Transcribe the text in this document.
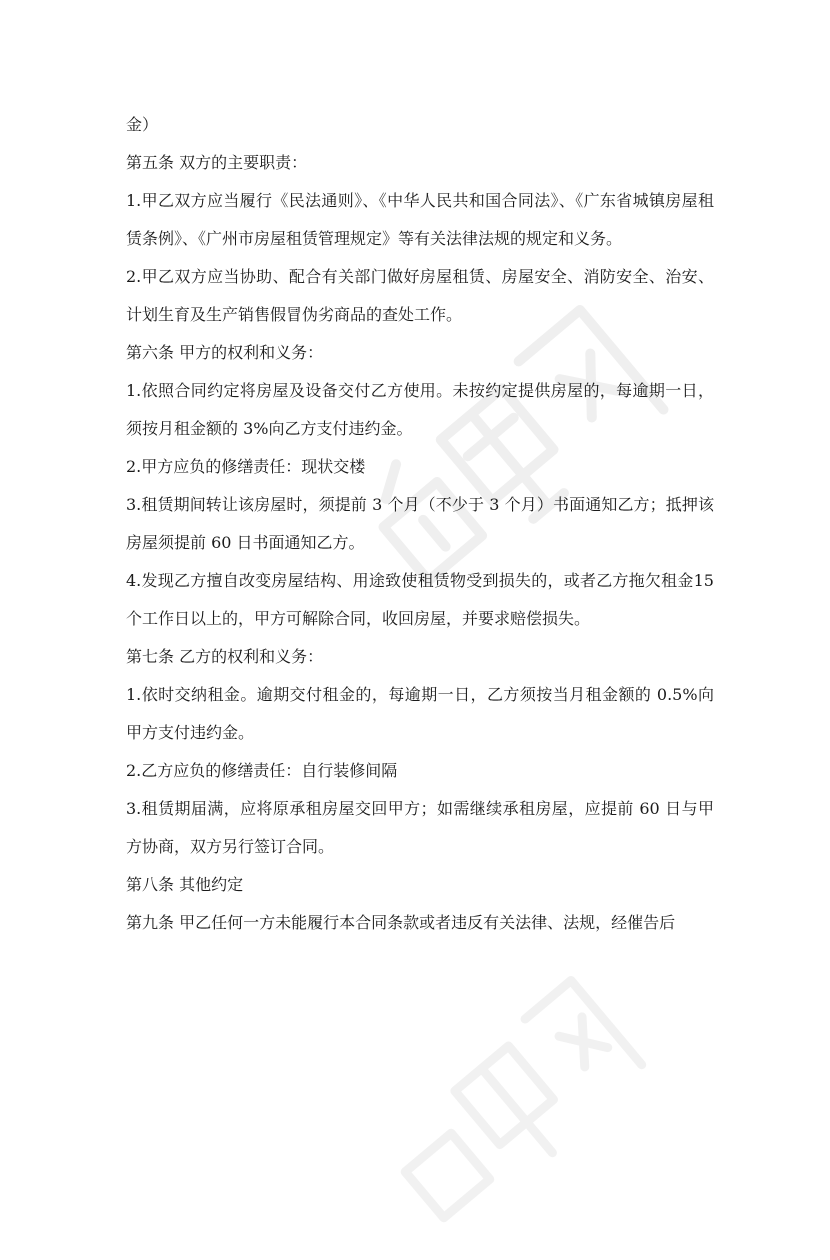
金）

第五条 双方的主要职责：

1.甲乙双方应当履行《民法通则》、《中华人民共和国合同法》、《广东省城镇房屋租赁条例》、《广州市房屋租赁管理规定》等有关法律法规的规定和义务。

2.甲乙双方应当协助、配合有关部门做好房屋租赁、房屋安全、消防安全、治安、计划生育及生产销售假冒伪劣商品的查处工作。

第六条 甲方的权利和义务：

1.依照合同约定将房屋及设备交付乙方使用。未按约定提供房屋的，每逾期一日，须按月租金额的 3%向乙方支付违约金。

2.甲方应负的修缮责任：现状交楼

3.租赁期间转让该房屋时，须提前 3 个月（不少于 3 个月）书面通知乙方；抵押该房屋须提前 60 日书面通知乙方。

4.发现乙方擅自改变房屋结构、用途致使租赁物受到损失的，或者乙方拖欠租金15 个工作日以上的，甲方可解除合同，收回房屋，并要求赔偿损失。

第七条 乙方的权利和义务：

1.依时交纳租金。逾期交付租金的，每逾期一日，乙方须按当月租金额的 0.5%向甲方支付违约金。

2.乙方应负的修缮责任：自行装修间隔

3.租赁期届满，应将原承租房屋交回甲方；如需继续承租房屋，应提前 60 日与甲方协商，双方另行签订合同。

第八条 其他约定

第九条 甲乙任何一方未能履行本合同条款或者违反有关法律、法规，经催告后
